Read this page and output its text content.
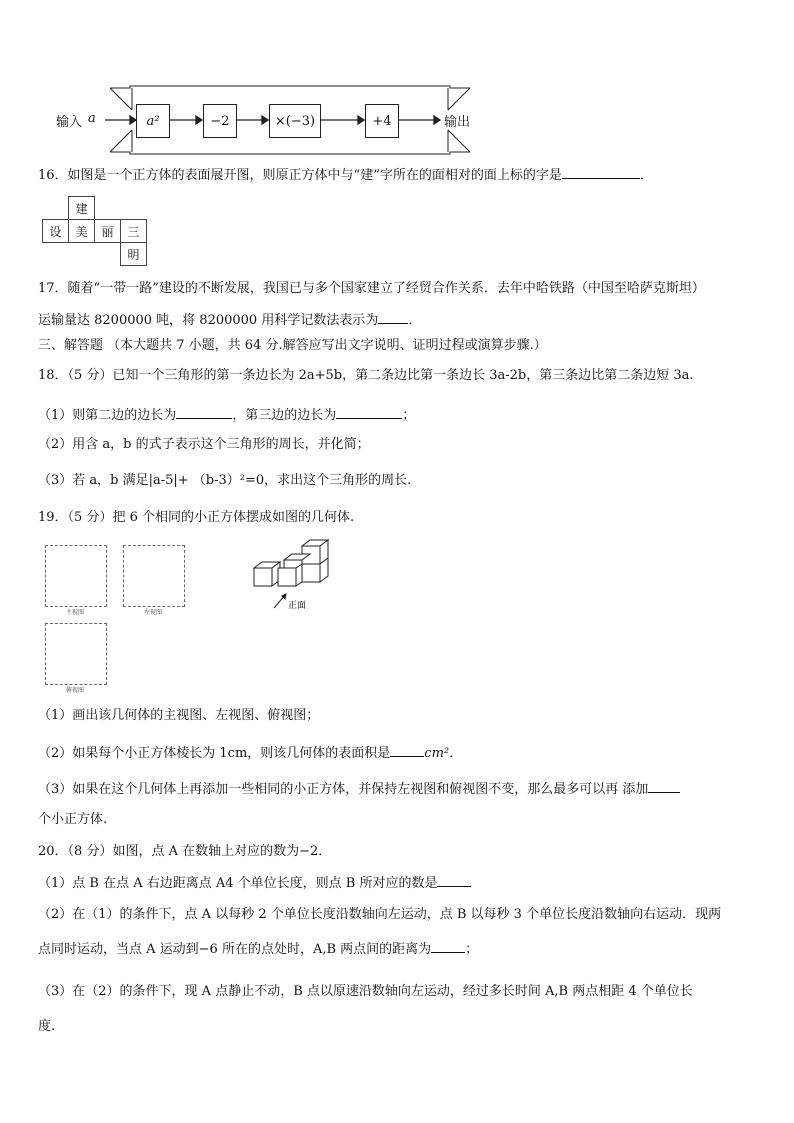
输入 a	a²	−2	×(−3)	+4	输出
16．如图是一个正方体的表面展开图，则原正方体中与“建”字所在的面相对的面上标的字是	．
	建		
设	美	丽	三
			明
17．随着“一带一路”建设的不断发展，我国已与多个国家建立了经贸合作关系．去年中哈铁路（中国至哈萨克斯坦）
运输量达 8200000 吨，将 8200000 用科学记数法表示为 ．
三、解答题 （本大题共 7 小题，共 64 分.解答应写出文字说明、证明过程或演算步骤.）
18．（5 分）已知一个三角形的第一条边长为 2a+5b，第二条边比第一条边长 3a-2b，第三条边比第二条边短 3a.
（1）则第二边的边长为	，第三边的边长为	；
（2）用含 a，b 的式子表示这个三角形的周长，并化简；
（3）若 a，b 满足|a-5|+ （b-3）²=0，求出这个三角形的周长.
19．（5 分）把 6 个相同的小正方体摆成如图的几何体.
主视图	左视图
俯视图
正面
（1）画出该几何体的主视图、左视图、俯视图；
（2）如果每个小正方体棱长为 1cm，则该几何体的表面积是	cm²．
（3）如果在这个几何体上再添加一些相同的小正方体，并保持左视图和俯视图不变，那么最多可以再 添加
个小正方体.
20．（8 分）如图，点 A 在数轴上对应的数为−2．
（1）点 B 在点 A 右边距离点 A4 个单位长度，则点 B 所对应的数是
（2）在（1）的条件下，点 A 以每秒 2 个单位长度沿数轴向左运动，点 B 以每秒 3 个单位长度沿数轴向右运动．现两
点同时运动，当点 A 运动到−6 所在的点处时，A,B 两点间的距离为	；
（3）在（2）的条件下，现 A 点静止不动，B 点以原速沿数轴向左运动，经过多长时间 A,B 两点相距 4 个单位长
度.
